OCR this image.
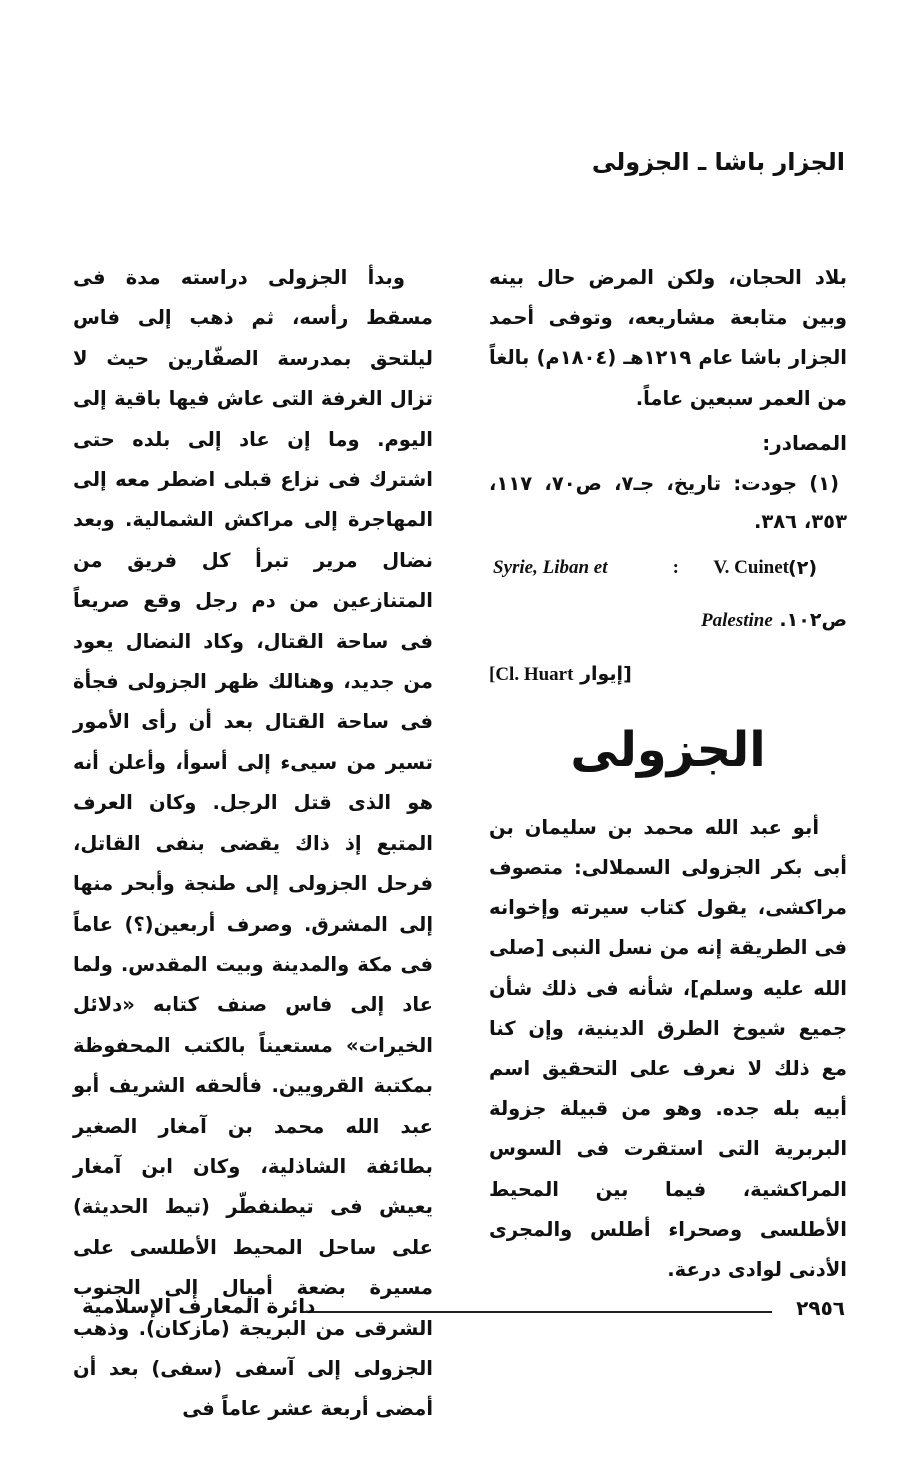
الجزار باشا ـ الجزولى

بلاد الحجان، ولكن المرض حال بينه وبين متابعة مشاريعه، وتوفى أحمد الجزار باشا عام ١٢١٩هـ (١٨٠٤م) بالغاً من العمر سبعين عاماً.

المصادر:

(١) جودت: تاريخ، جـ٧، ص٧٠، ١١٧، ٣٥٣، ٣٨٦.

(٢)
V. Cuinet
:
Syrie, Liban et

ص١٠٢. Palestine

[إيوار Cl. Huart]

الجزولى

أبو عبد الله محمد بن سليمان بن أبى بكر الجزولى السملالى: متصوف مراكشى، يقول كتاب سيرته وإخوانه فى الطريقة إنه من نسل النبى [صلى الله عليه وسلم]، شأنه فى ذلك شأن جميع شيوخ الطرق الدينية، وإن كنا مع ذلك لا نعرف على التحقيق اسم أبيه بله جده. وهو من قبيلة جزولة البربرية التى استقرت فى السوس المراكشية، فيما بين المحيط الأطلسى وصحراء أطلس والمجرى الأدنى لوادى درعة.

وبدأ الجزولى دراسته مدة فى مسقط رأسه، ثم ذهب إلى فاس ليلتحق بمدرسة الصفّارين حيث لا تزال الغرفة التى عاش فيها باقية إلى اليوم. وما إن عاد إلى بلده حتى اشترك فى نزاع قبلى اضطر معه إلى المهاجرة إلى مراكش الشمالية. وبعد نضال مرير تبرأ كل فريق من المتنازعين من دم رجل وقع صريعاً فى ساحة القتال، وكاد النضال يعود من جديد، وهنالك ظهر الجزولى فجأة فى ساحة القتال بعد أن رأى الأمور تسير من سيىء إلى أسوأ، وأعلن أنه هو الذى قتل الرجل. وكان العرف المتبع إذ ذاك يقضى بنفى القاتل، فرحل الجزولى إلى طنجة وأبحر منها إلى المشرق. وصرف أربعين(؟) عاماً فى مكة والمدينة وبيت المقدس. ولما عاد إلى فاس صنف كتابه «دلائل الخيرات» مستعيناً بالكتب المحفوظة بمكتبة القرويين. فألحقه الشريف أبو عبد الله محمد بن آمغار الصغير بطائفة الشاذلية، وكان ابن آمغار يعيش فى تيطنفطّر (تيط الحديثة) على ساحل المحيط الأطلسى على مسيرة بضعة أميال إلى الجنوب الشرقى من البريجة (مازكان). وذهب الجزولى إلى آسفى (سفى) بعد أن أمضى أربعة عشر عاماً فى

٢٩٥٦
دائرة المعارف الإسلامية
